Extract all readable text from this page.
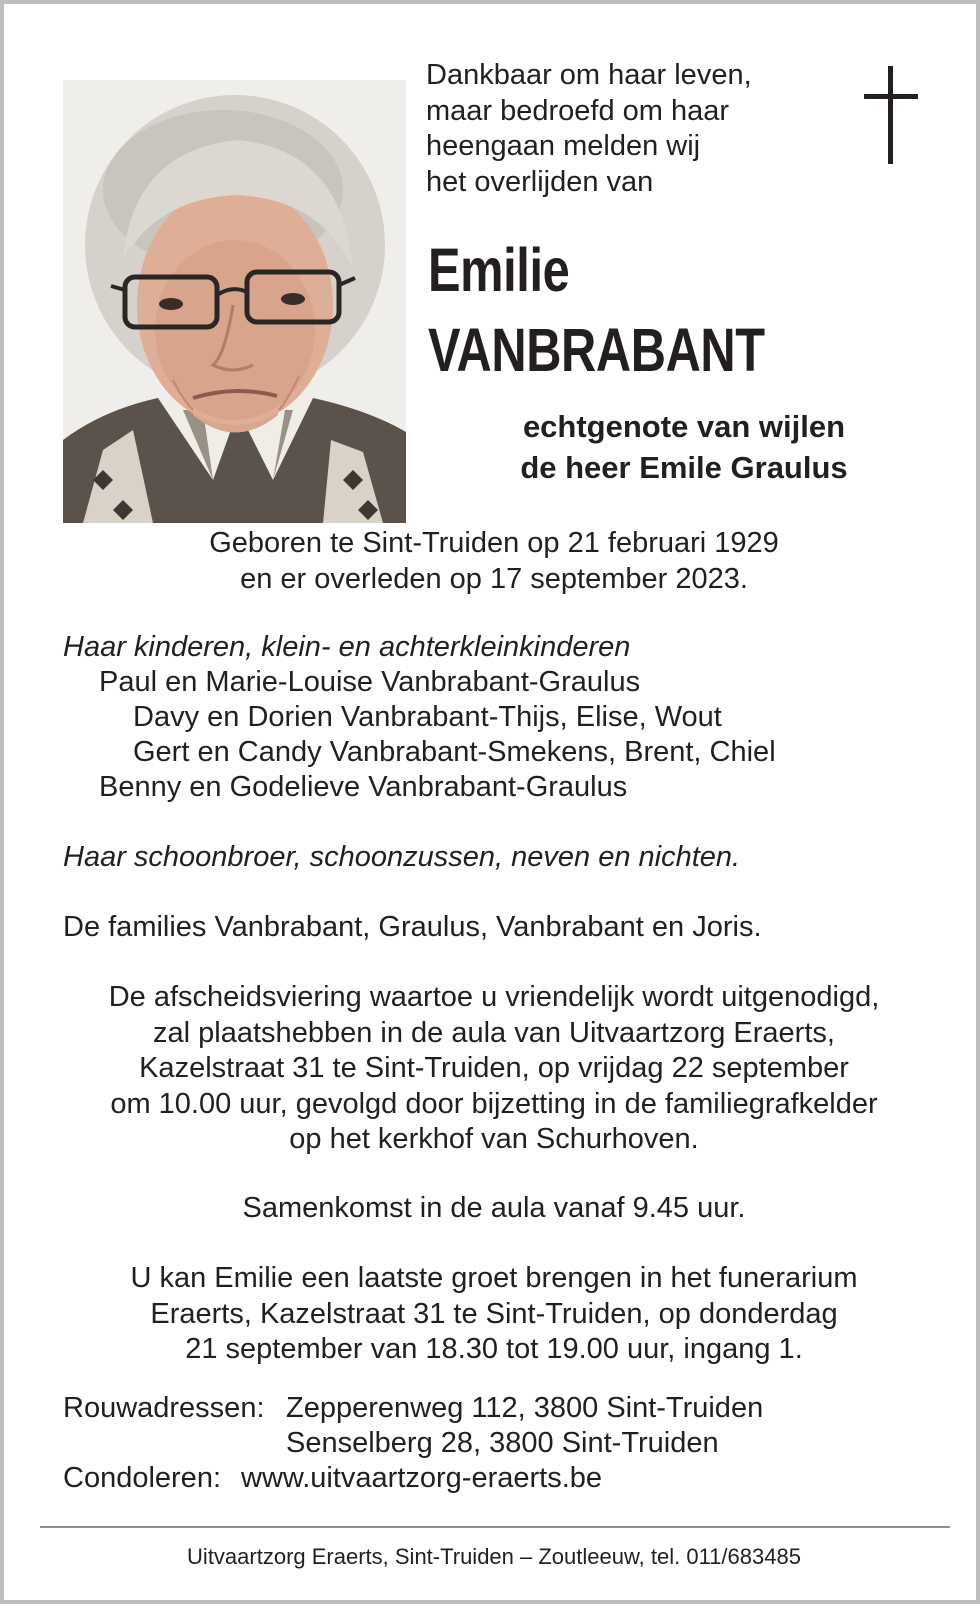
Dankbaar om haar leven,
maar bedroefd om haar
heengaan melden wij
het overlijden van
Emilie
VANBRABANT
echtgenote van wijlen
de heer Emile Graulus
Geboren te Sint-Truiden op 21 februari 1929
en er overleden op 17 september 2023.
Haar kinderen, klein- en achterkleinkinderen
Paul en Marie-Louise Vanbrabant-Graulus
Davy en Dorien Vanbrabant-Thijs, Elise, Wout
Gert en Candy Vanbrabant-Smekens, Brent, Chiel
Benny en Godelieve Vanbrabant-Graulus
Haar schoonbroer, schoonzussen, neven en nichten.
De families Vanbrabant, Graulus, Vanbrabant en Joris.
De afscheidsviering waartoe u vriendelijk wordt uitgenodigd,
zal plaatshebben in de aula van Uitvaartzorg Eraerts,
Kazelstraat 31 te Sint-Truiden, op vrijdag 22 september
om 10.00 uur, gevolgd door bijzetting in de familiegrafkelder
op het kerkhof van Schurhoven.
Samenkomst in de aula vanaf 9.45 uur.
U kan Emilie een laatste groet brengen in het funerarium
Eraerts, Kazelstraat 31 te Sint-Truiden, op donderdag
21 september van 18.30 tot 19.00 uur, ingang 1.
Rouwadressen: Zepperenweg 112, 3800 Sint-Truiden
Senselberg 28, 3800 Sint-Truiden
Condoleren: www.uitvaartzorg-eraerts.be
Uitvaartzorg Eraerts, Sint-Truiden – Zoutleeuw, tel. 011/683485
